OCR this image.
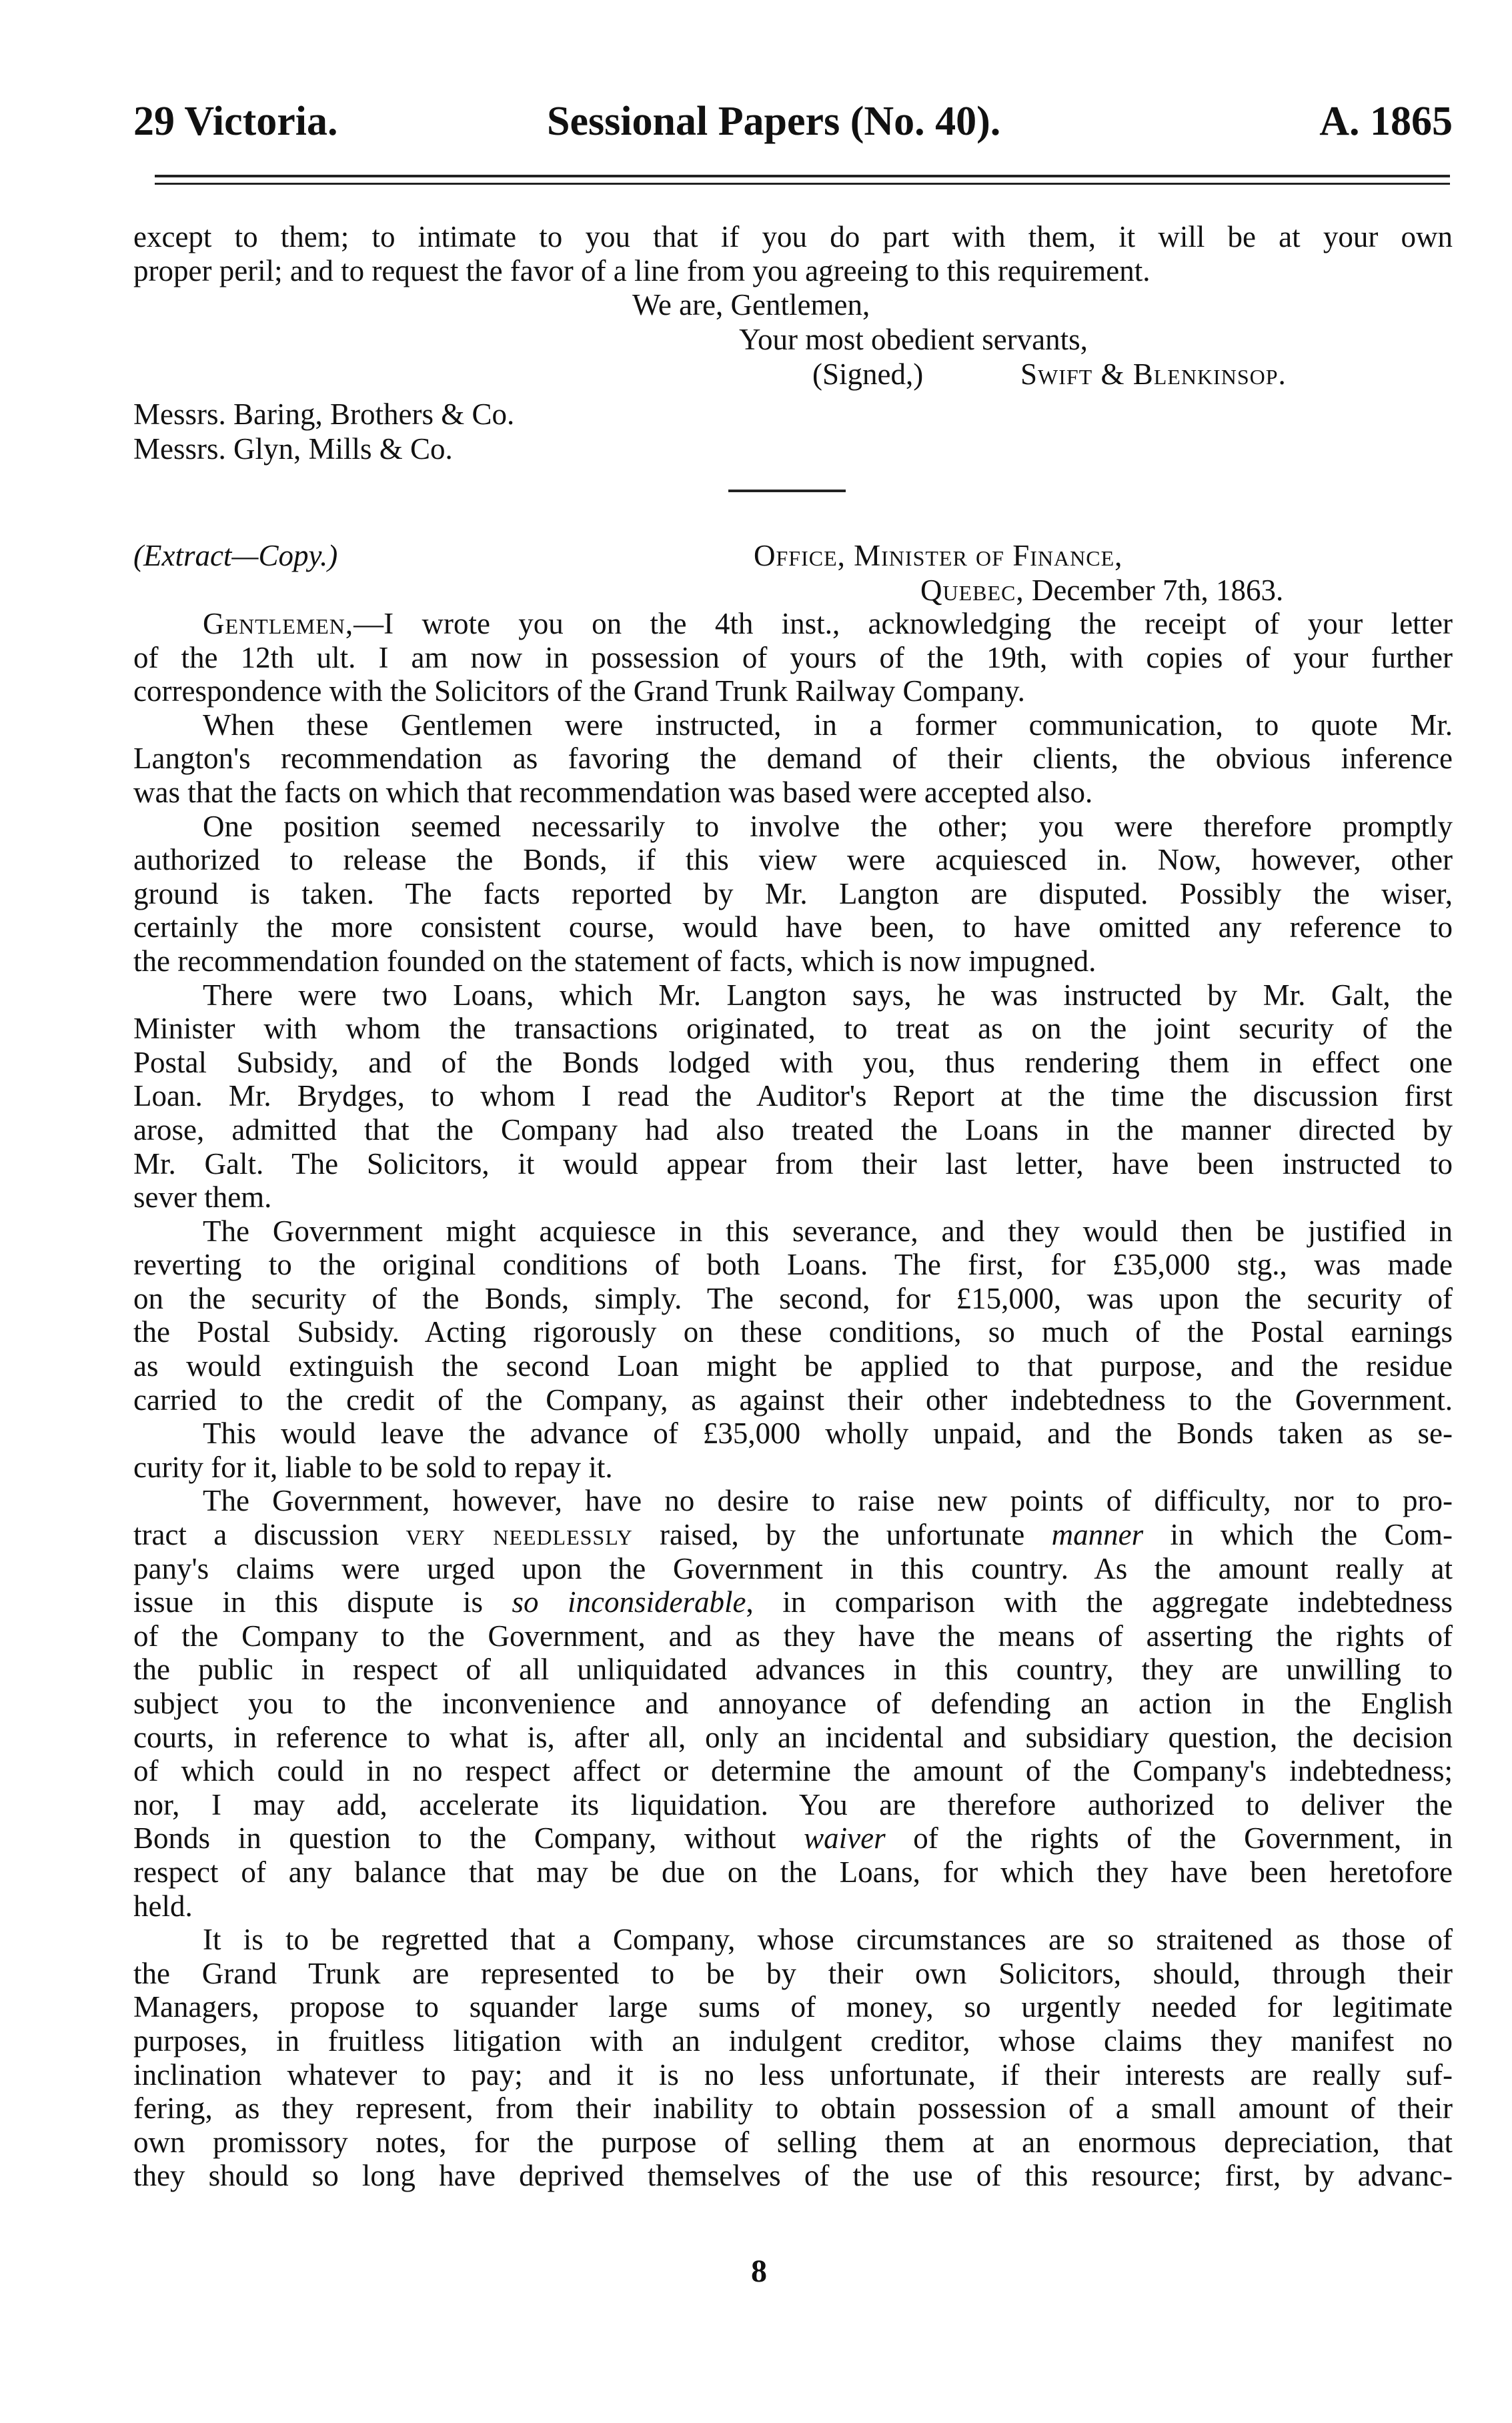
29 Victoria.	Sessional Papers (No. 40).	A. 1865
except to them; to intimate to you that if you do part with them, it will be at your own
proper peril; and to request the favor of a line from you agreeing to this requirement.
We are, Gentlemen,
Your most obedient servants,
(Signed,)	Swift & Blenkinsop.
Messrs. Baring, Brothers & Co.
Messrs. Glyn, Mills & Co.
(Extract—Copy.)	Office, Minister of Finance,
Quebec, December 7th, 1863.
Gentlemen,—I wrote you on the 4th inst., acknowledging the receipt of your letter
of the 12th ult. I am now in possession of yours of the 19th, with copies of your further
correspondence with the Solicitors of the Grand Trunk Railway Company.
When these Gentlemen were instructed, in a former communication, to quote Mr.
Langton's recommendation as favoring the demand of their clients, the obvious inference
was that the facts on which that recommendation was based were accepted also.
One position seemed necessarily to involve the other; you were therefore promptly
authorized to release the Bonds, if this view were acquiesced in. Now, however, other
ground is taken. The facts reported by Mr. Langton are disputed. Possibly the wiser,
certainly the more consistent course, would have been, to have omitted any reference to
the recommendation founded on the statement of facts, which is now impugned.
There were two Loans, which Mr. Langton says, he was instructed by Mr. Galt, the
Minister with whom the transactions originated, to treat as on the joint security of the
Postal Subsidy, and of the Bonds lodged with you, thus rendering them in effect one
Loan. Mr. Brydges, to whom I read the Auditor's Report at the time the discussion first
arose, admitted that the Company had also treated the Loans in the manner directed by
Mr. Galt. The Solicitors, it would appear from their last letter, have been instructed to
sever them.
The Government might acquiesce in this severance, and they would then be justified in
reverting to the original conditions of both Loans. The first, for £35,000 stg., was made
on the security of the Bonds, simply. The second, for £15,000, was upon the security of
the Postal Subsidy. Acting rigorously on these conditions, so much of the Postal earnings
as would extinguish the second Loan might be applied to that purpose, and the residue
carried to the credit of the Company, as against their other indebtedness to the Government.
This would leave the advance of £35,000 wholly unpaid, and the Bonds taken as se-
curity for it, liable to be sold to repay it.
The Government, however, have no desire to raise new points of difficulty, nor to pro-
tract a discussion very needlessly raised, by the unfortunate manner in which the Com-
pany's claims were urged upon the Government in this country. As the amount really at
issue in this dispute is so inconsiderable, in comparison with the aggregate indebtedness
of the Company to the Government, and as they have the means of asserting the rights of
the public in respect of all unliquidated advances in this country, they are unwilling to
subject you to the inconvenience and annoyance of defending an action in the English
courts, in reference to what is, after all, only an incidental and subsidiary question, the decision
of which could in no respect affect or determine the amount of the Company's indebtedness;
nor, I may add, accelerate its liquidation. You are therefore authorized to deliver the
Bonds in question to the Company, without waiver of the rights of the Government, in
respect of any balance that may be due on the Loans, for which they have been heretofore
held.
It is to be regretted that a Company, whose circumstances are so straitened as those of
the Grand Trunk are represented to be by their own Solicitors, should, through their
Managers, propose to squander large sums of money, so urgently needed for legitimate
purposes, in fruitless litigation with an indulgent creditor, whose claims they manifest no
inclination whatever to pay; and it is no less unfortunate, if their interests are really suf-
fering, as they represent, from their inability to obtain possession of a small amount of their
own promissory notes, for the purpose of selling them at an enormous depreciation, that
they should so long have deprived themselves of the use of this resource; first, by advanc-
8
